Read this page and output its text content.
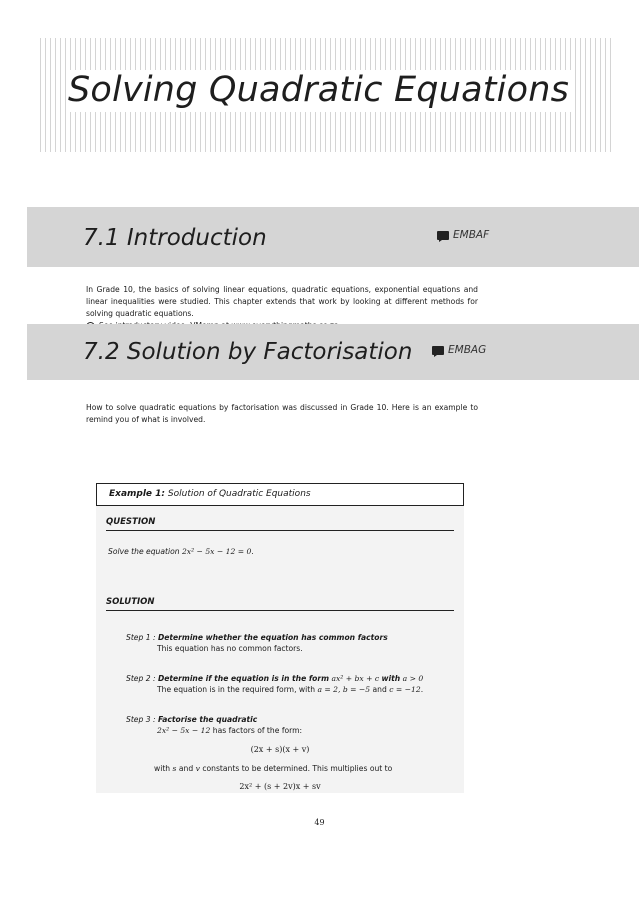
Solving Quadratic Equations
7.1 Introduction	EMBAF

In Grade 10, the basics of solving linear equations, quadratic equations, exponential equations and linear inequalities were studied. This chapter extends that work by looking at different methods for solving quadratic equations.

7.2 Solution by Factorisation	EMBAG

How to solve quadratic equations by factorisation was discussed in Grade 10. Here is an example to remind you of what is involved.

Example 1: Solution of Quadratic Equations
QUESTION
Solve the equation 2x² − 5x − 12 = 0.
SOLUTION
Step 1 : Determine whether the equation has common factors
This equation has no common factors.
Step 2 : Determine if the equation is in the form ax² + bx + c with a > 0
The equation is in the required form, with a = 2, b = −5 and c = −12.
Step 3 : Factorise the quadratic
2x² − 5x − 12 has factors of the form:
(2x + s)(x + v)
with s and v constants to be determined. This multiplies out to
2x² + (s + 2v)x + sv
49
